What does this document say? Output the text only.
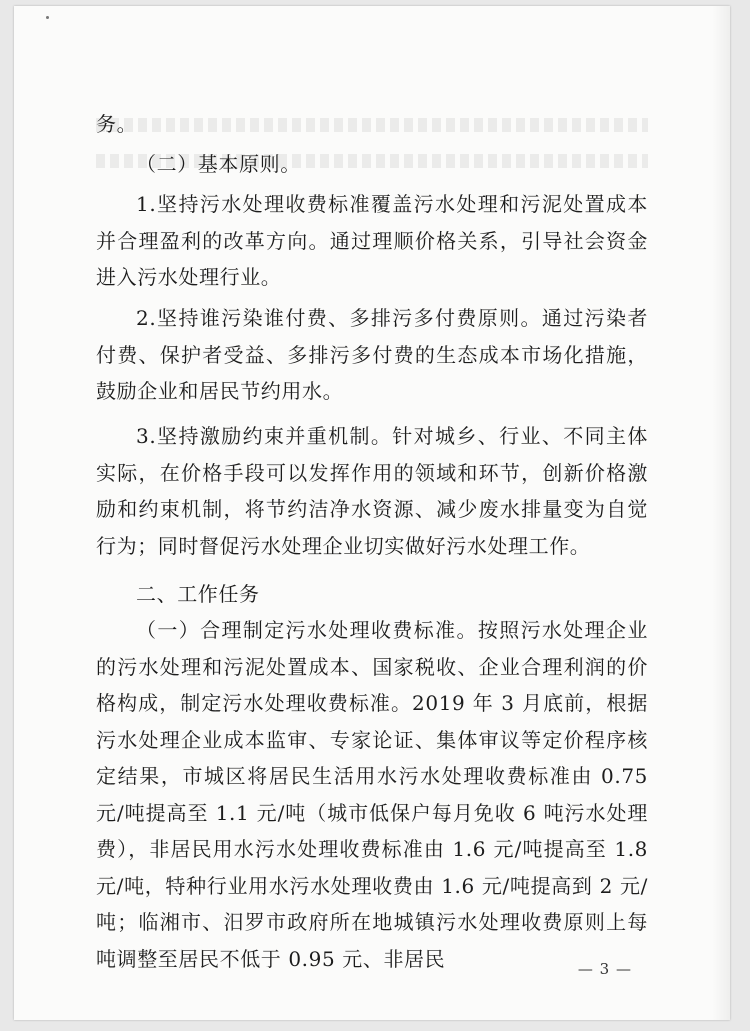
务。

（二）基本原则。

1.坚持污水处理收费标准覆盖污水处理和污泥处置成本并合理盈利的改革方向。通过理顺价格关系，引导社会资金进入污水处理行业。

2.坚持谁污染谁付费、多排污多付费原则。通过污染者付费、保护者受益、多排污多付费的生态成本市场化措施，鼓励企业和居民节约用水。

3.坚持激励约束并重机制。针对城乡、行业、不同主体实际，在价格手段可以发挥作用的领域和环节，创新价格激励和约束机制，将节约洁净水资源、减少废水排量变为自觉行为；同时督促污水处理企业切实做好污水处理工作。

二、工作任务

（一）合理制定污水处理收费标准。按照污水处理企业的污水处理和污泥处置成本、国家税收、企业合理利润的价格构成，制定污水处理收费标准。2019 年 3 月底前，根据污水处理企业成本监审、专家论证、集体审议等定价程序核定结果，市城区将居民生活用水污水处理收费标准由 0.75 元/吨提高至 1.1 元/吨（城市低保户每月免收 6 吨污水处理费），非居民用水污水处理收费标准由 1.6 元/吨提高至 1.8 元/吨，特种行业用水污水处理收费由 1.6 元/吨提高到 2 元/吨；临湘市、汨罗市政府所在地城镇污水处理收费原则上每吨调整至居民不低于 0.95 元、非居民	— 3 —
